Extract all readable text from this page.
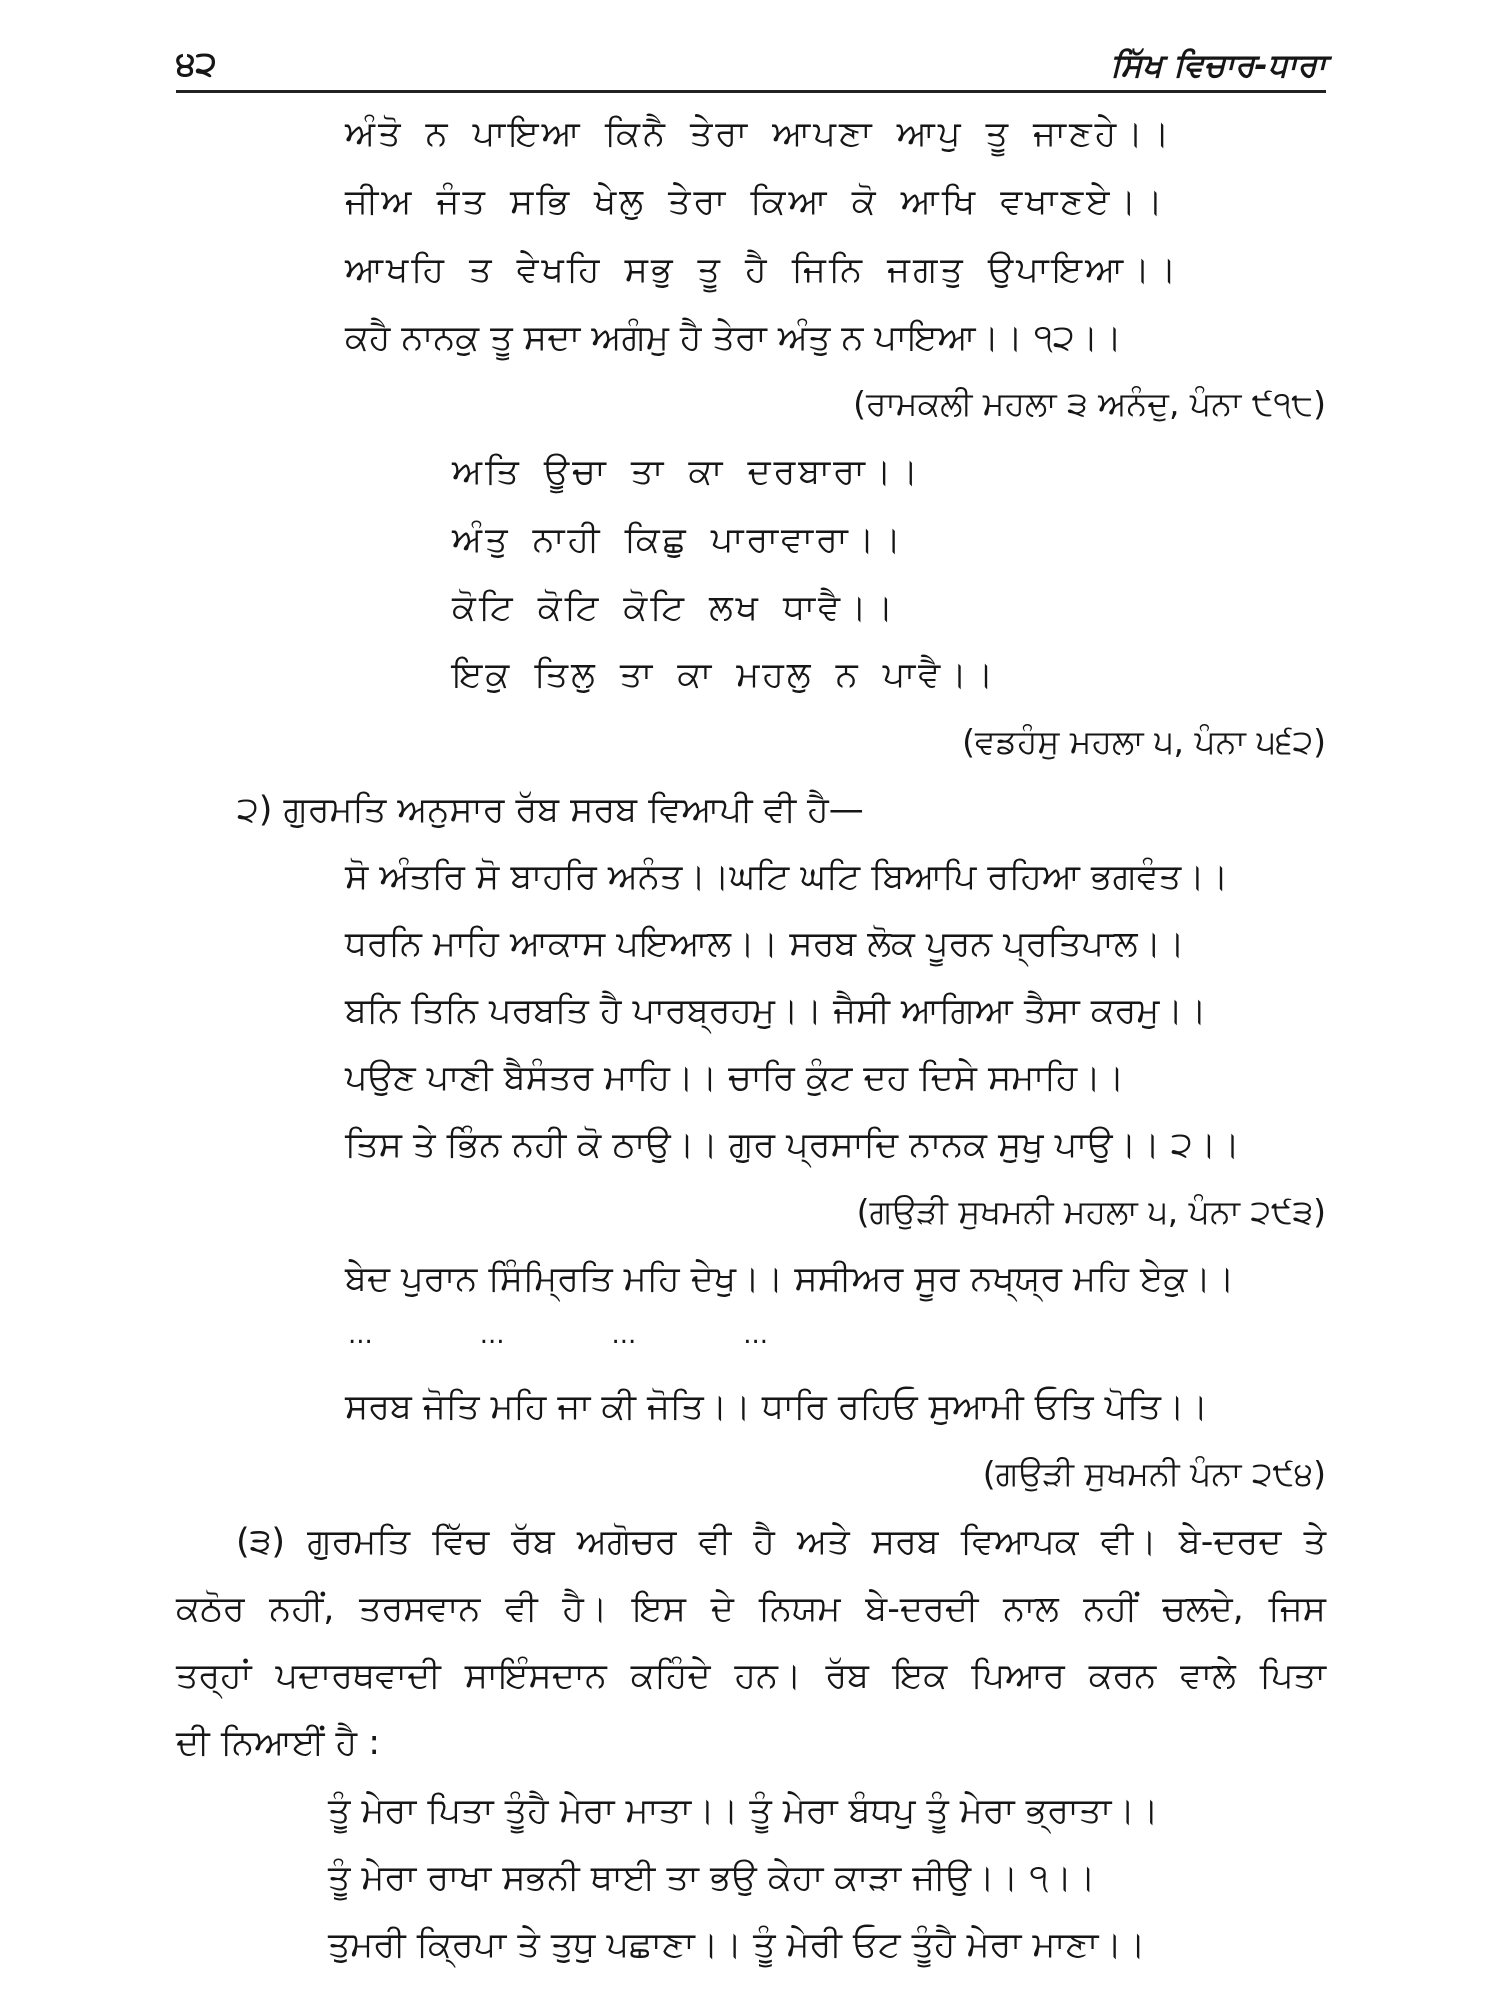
੪੨	ਸਿੱਖ ਵਿਚਾਰ-ਧਾਰਾ
ਅੰਤੋ ਨ ਪਾਇਆ ਕਿਨੈ ਤੇਰਾ ਆਪਣਾ ਆਪੁ ਤੂ ਜਾਣਹੇ।।
ਜੀਅ ਜੰਤ ਸਭਿ ਖੇਲੁ ਤੇਰਾ ਕਿਆ ਕੋ ਆਖਿ ਵਖਾਣਏ।।
ਆਖਹਿ ਤ ਵੇਖਹਿ ਸਭੁ ਤੂ ਹੈ ਜਿਨਿ ਜਗਤੁ ਉਪਾਇਆ।।
ਕਹੈ ਨਾਨਕੁ ਤੂ ਸਦਾ ਅਗੰਮੁ ਹੈ ਤੇਰਾ ਅੰਤੁ ਨ ਪਾਇਆ।। ੧੨।।
(ਰਾਮਕਲੀ ਮਹਲਾ ੩ ਅਨੰਦੁ, ਪੰਨਾ ੯੧੮)
ਅਤਿ ਊਚਾ ਤਾ ਕਾ ਦਰਬਾਰਾ।।
ਅੰਤੁ ਨਾਹੀ ਕਿਛੁ ਪਾਰਾਵਾਰਾ।।
ਕੋਟਿ ਕੋਟਿ ਕੋਟਿ ਲਖ ਧਾਵੈ।।
ਇਕੁ ਤਿਲੁ ਤਾ ਕਾ ਮਹਲੁ ਨ ਪਾਵੈ।।
(ਵਡਹੰਸੁ ਮਹਲਾ ੫, ਪੰਨਾ ੫੬੨)
੨) ਗੁਰਮਤਿ ਅਨੁਸਾਰ ਰੱਬ ਸਰਬ ਵਿਆਪੀ ਵੀ ਹੈ—
ਸੋ ਅੰਤਰਿ ਸੋ ਬਾਹਰਿ ਅਨੰਤ।।ਘਟਿ ਘਟਿ ਬਿਆਪਿ ਰਹਿਆ ਭਗਵੰਤ।।
ਧਰਨਿ ਮਾਹਿ ਆਕਾਸ ਪਇਆਲ।। ਸਰਬ ਲੋਕ ਪੂਰਨ ਪ੍ਰਤਿਪਾਲ।।
ਬਨਿ ਤਿਨਿ ਪਰਬਤਿ ਹੈ ਪਾਰਬ੍ਰਹਮੁ।। ਜੈਸੀ ਆਗਿਆ ਤੈਸਾ ਕਰਮੁ।।
ਪਉਣ ਪਾਣੀ ਬੈਸੰਤਰ ਮਾਹਿ।। ਚਾਰਿ ਕੁੰਟ ਦਹ ਦਿਸੇ ਸਮਾਹਿ।।
ਤਿਸ ਤੇ ਭਿੰਨ ਨਹੀ ਕੋ ਠਾਉ।। ਗੁਰ ਪ੍ਰਸਾਦਿ ਨਾਨਕ ਸੁਖੁ ਪਾਉ।। ੨।।
(ਗਉੜੀ ਸੁਖਮਨੀ ਮਹਲਾ ੫, ਪੰਨਾ ੨੯੩)
ਬੇਦ ਪੁਰਾਨ ਸਿੰਮ੍ਰਿਤਿ ਮਹਿ ਦੇਖੁ।। ਸਸੀਅਰ ਸੂਰ ਨਖ੍ਯ੍ਰ ਮਹਿ ਏਕੁ।।
...	...	...	...
ਸਰਬ ਜੋਤਿ ਮਹਿ ਜਾ ਕੀ ਜੋਤਿ।। ਧਾਰਿ ਰਹਿਓ ਸੁਆਮੀ ਓਤਿ ਪੋਤਿ।।
(ਗਉੜੀ ਸੁਖਮਨੀ ਪੰਨਾ ੨੯੪)
(੩) ਗੁਰਮਤਿ ਵਿੱਚ ਰੱਬ ਅਗੋਚਰ ਵੀ ਹੈ ਅਤੇ ਸਰਬ ਵਿਆਪਕ ਵੀ। ਬੇ-ਦਰਦ ਤੇ
ਕਠੋਰ ਨਹੀਂ, ਤਰਸਵਾਨ ਵੀ ਹੈ। ਇਸ ਦੇ ਨਿਯਮ ਬੇ-ਦਰਦੀ ਨਾਲ ਨਹੀਂ ਚਲਦੇ, ਜਿਸ
ਤਰ੍ਹਾਂ ਪਦਾਰਥਵਾਦੀ ਸਾਇੰਸਦਾਨ ਕਹਿੰਦੇ ਹਨ। ਰੱਬ ਇਕ ਪਿਆਰ ਕਰਨ ਵਾਲੇ ਪਿਤਾ
ਦੀ ਨਿਆਈਂ ਹੈ :
ਤੂੰ ਮੇਰਾ ਪਿਤਾ ਤੂੰਹੈ ਮੇਰਾ ਮਾਤਾ।। ਤੂੰ ਮੇਰਾ ਬੰਧਪੁ ਤੂੰ ਮੇਰਾ ਭ੍ਰਾਤਾ।।
ਤੂੰ ਮੇਰਾ ਰਾਖਾ ਸਭਨੀ ਥਾਈ ਤਾ ਭਉ ਕੇਹਾ ਕਾੜਾ ਜੀਉ।। ੧।।
ਤੁਮਰੀ ਕ੍ਰਿਪਾ ਤੇ ਤੁਧੁ ਪਛਾਣਾ।। ਤੂੰ ਮੇਰੀ ਓਟ ਤੂੰਹੈ ਮੇਰਾ ਮਾਣਾ।।
